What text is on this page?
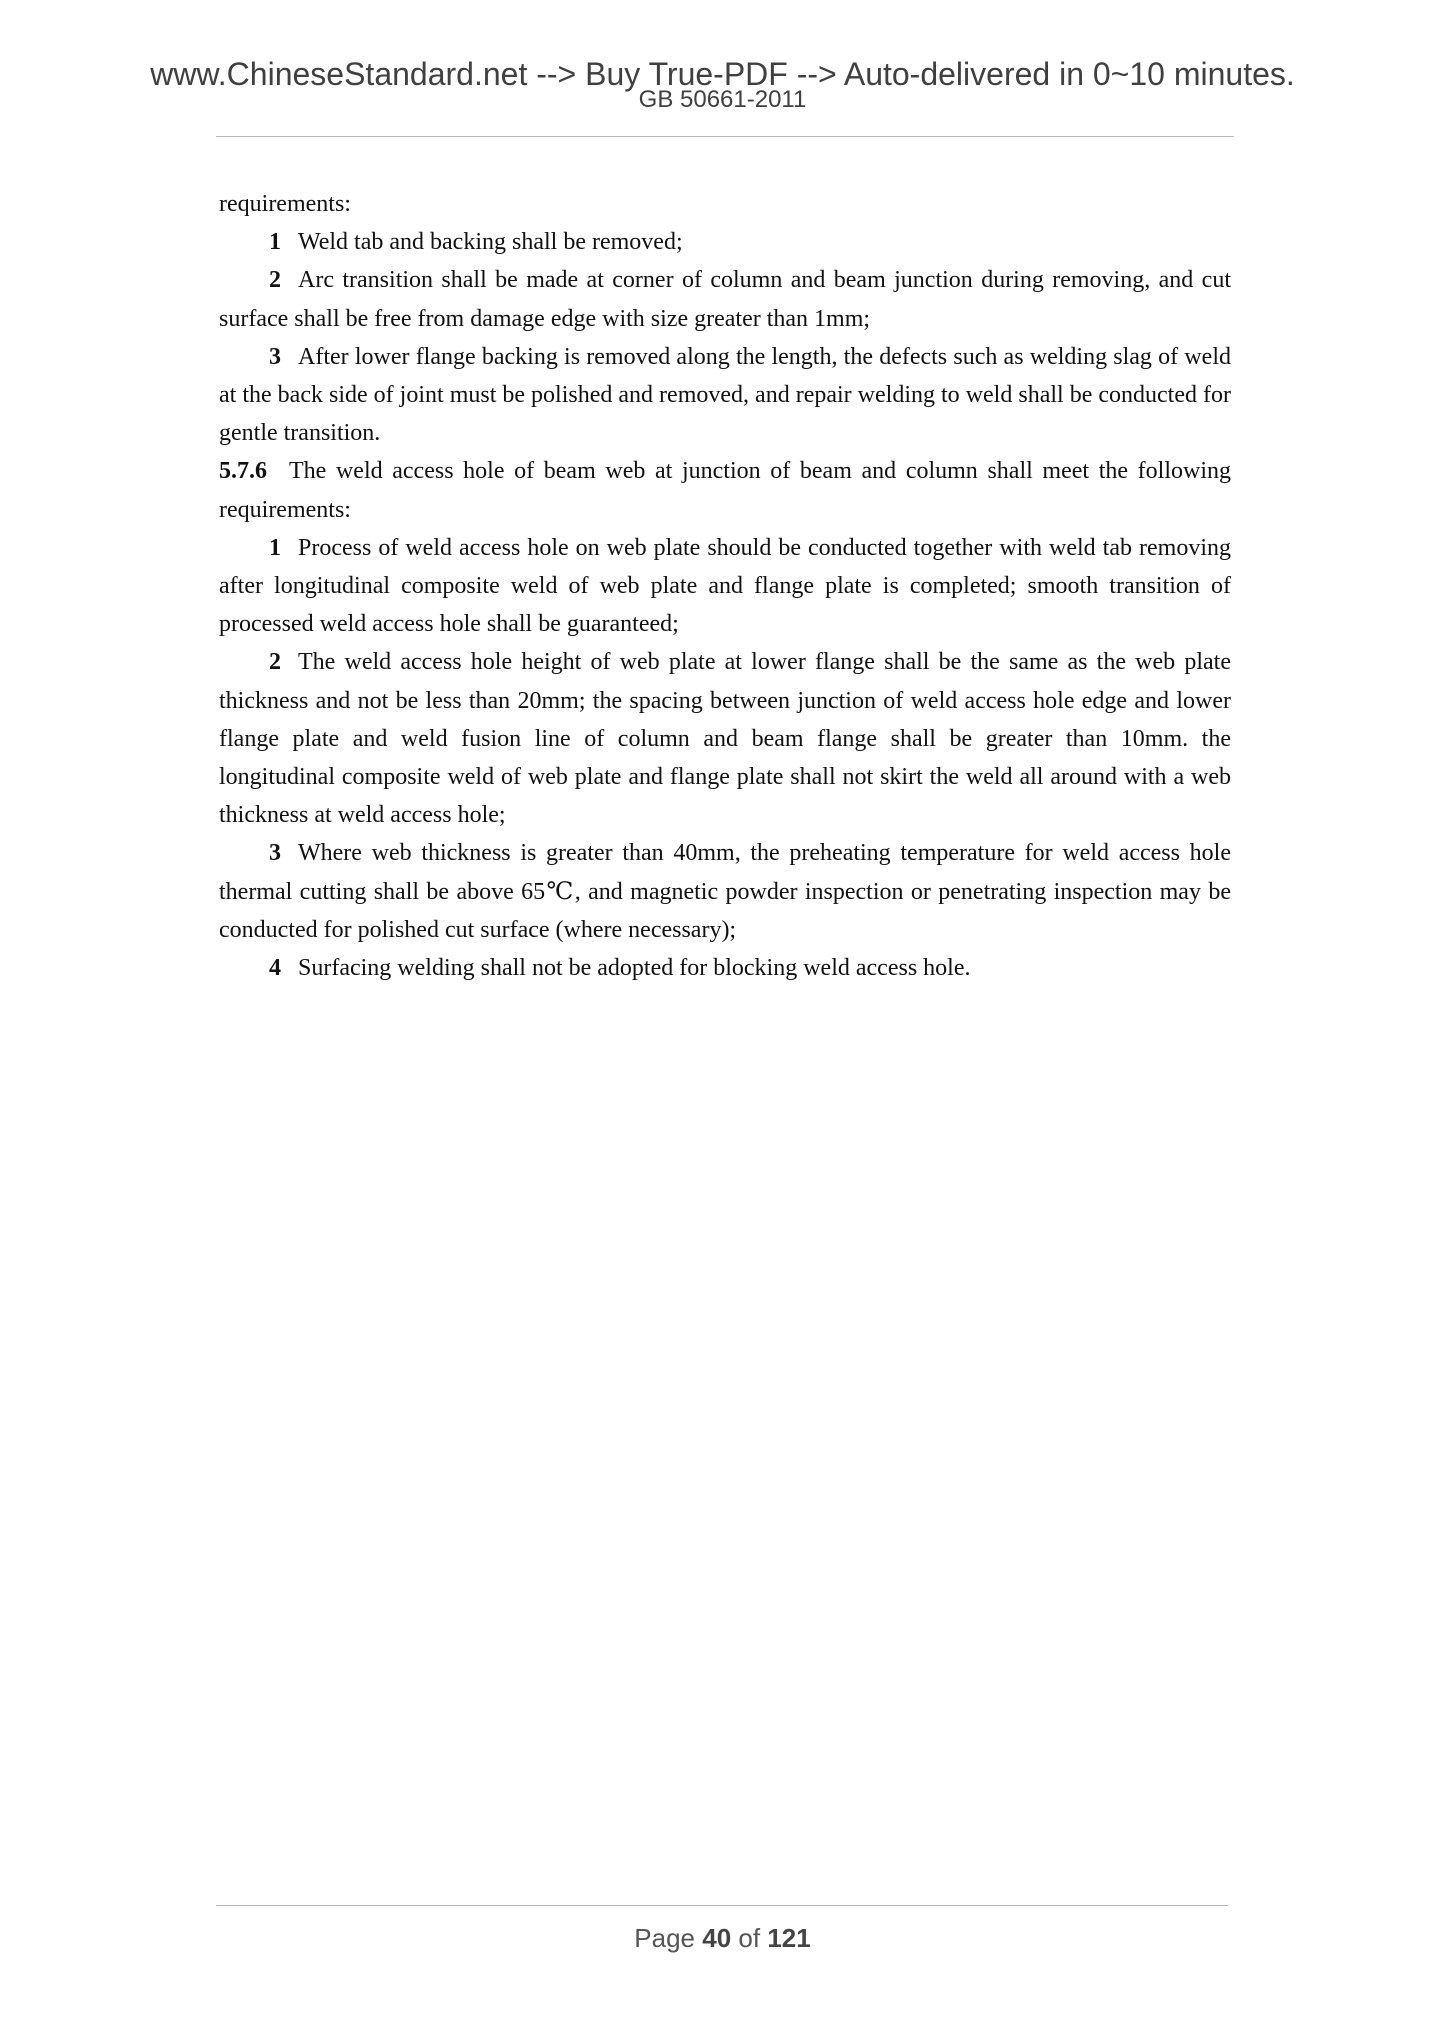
www.ChineseStandard.net --> Buy True-PDF --> Auto-delivered in 0~10 minutes.
GB 50661-2011

requirements:

1 Weld tab and backing shall be removed;

2 Arc transition shall be made at corner of column and beam junction during removing, and cut surface shall be free from damage edge with size greater than 1mm;

3 After lower flange backing is removed along the length, the defects such as welding slag of weld at the back side of joint must be polished and removed, and repair welding to weld shall be conducted for gentle transition.

5.7.6 The weld access hole of beam web at junction of beam and column shall meet the following requirements:

1 Process of weld access hole on web plate should be conducted together with weld tab removing after longitudinal composite weld of web plate and flange plate is completed; smooth transition of processed weld access hole shall be guaranteed;

2 The weld access hole height of web plate at lower flange shall be the same as the web plate thickness and not be less than 20mm; the spacing between junction of weld access hole edge and lower flange plate and weld fusion line of column and beam flange shall be greater than 10mm. the longitudinal composite weld of web plate and flange plate shall not skirt the weld all around with a web thickness at weld access hole;

3 Where web thickness is greater than 40mm, the preheating temperature for weld access hole thermal cutting shall be above 65℃, and magnetic powder inspection or penetrating inspection may be conducted for polished cut surface (where necessary);

4 Surfacing welding shall not be adopted for blocking weld access hole.

Page 40 of 121
